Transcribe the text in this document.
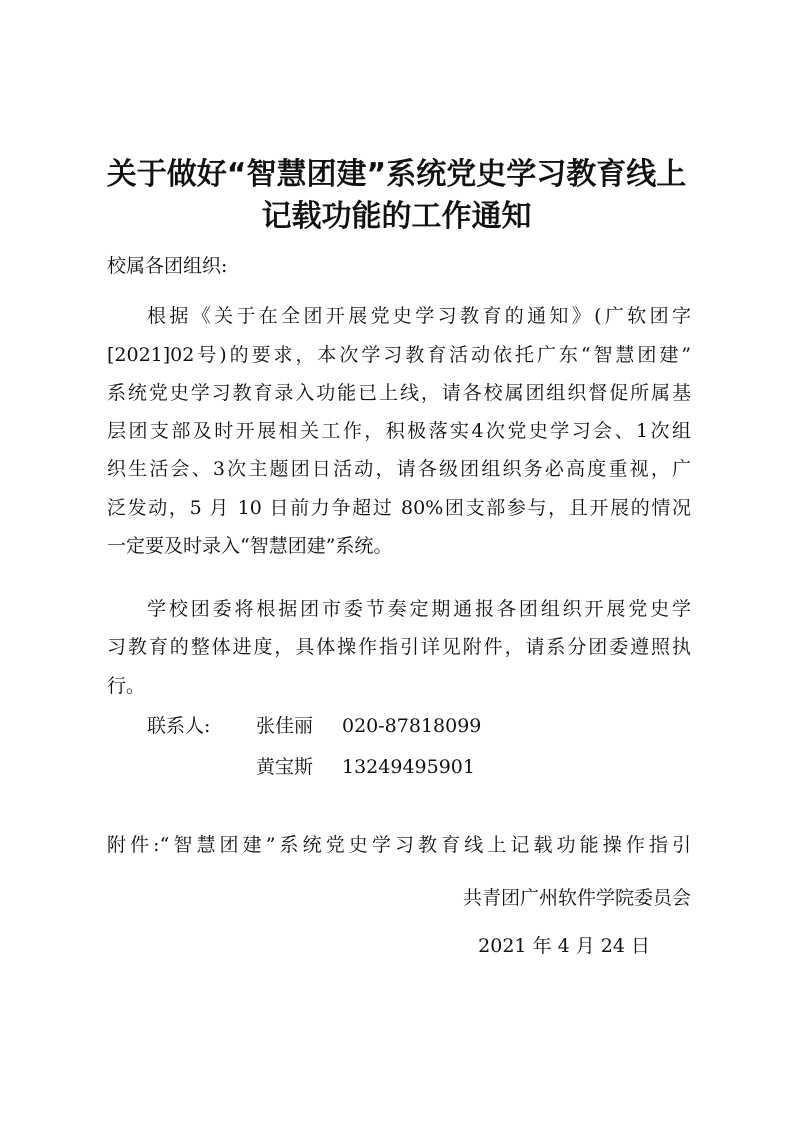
关于做好“智慧团建”系统党史学习教育线上
记载功能的工作通知
校属各团组织:
根据《关于在全团开展党史学习教育的通知》(广软团字
[2021]02号)的要求，本次学习教育活动依托广东“智慧团建”
系统党史学习教育录入功能已上线，请各校属团组织督促所属基
层团支部及时开展相关工作，积极落实4次党史学习会、1次组
织生活会、3次主题团日活动，请各级团组织务必高度重视，广
泛发动，5 月 10 日前力争超过 80%团支部参与，且开展的情况
一定要及时录入“智慧团建”系统。
学校团委将根据团市委节奏定期通报各团组织开展党史学
习教育的整体进度，具体操作指引详见附件，请系分团委遵照执
行。
联系人: 张佳丽 020-87818099
黄宝斯 13249495901
附件:“智慧团建”系统党史学习教育线上记载功能操作指引
共青团广州软件学院委员会
2021 年 4 月 24 日
